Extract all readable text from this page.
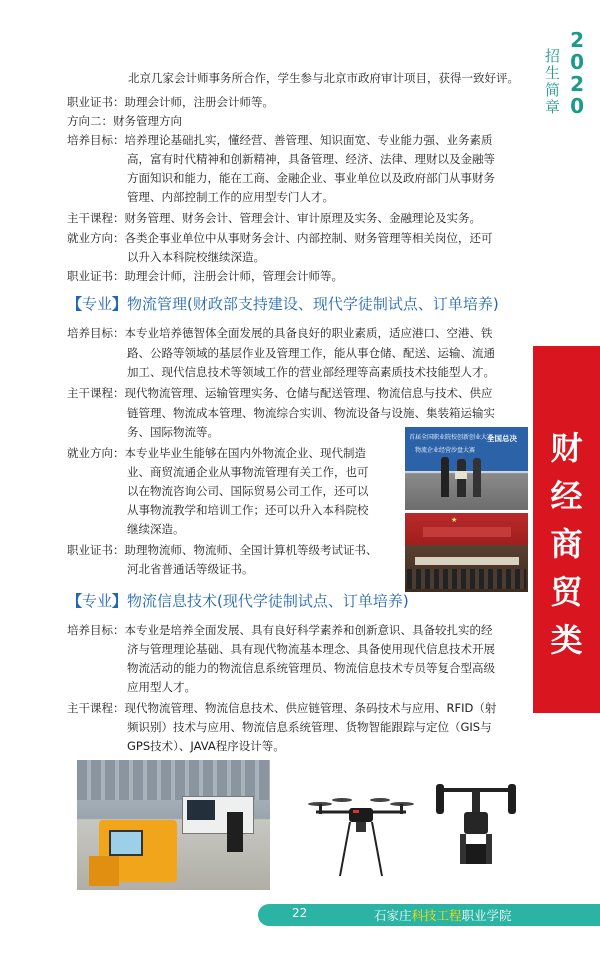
2
0
2
0
招
生
简
章
北京几家会计师事务所合作，学生参与北京市政府审计项目，获得一致好评。
职业证书：助理会计师，注册会计师等。
方向二：财务管理方向
培养目标：培养理论基础扎实，懂经营、善管理、知识面宽、专业能力强、业务素质
高，富有时代精神和创新精神，具备管理、经济、法律、理财以及金融等
方面知识和能力，能在工商、金融企业、事业单位以及政府部门从事财务
管理、内部控制工作的应用型专门人才。
主干课程：财务管理、财务会计、管理会计、审计原理及实务、金融理论及实务。
就业方向：各类企事业单位中从事财务会计、内部控制、财务管理等相关岗位，还可
以升入本科院校继续深造。
职业证书：助理会计师，注册会计师，管理会计师等。
【专业】物流管理(财政部支持建设、现代学徒制试点、订单培养)
培养目标：本专业培养德智体全面发展的具备良好的职业素质，适应港口、空港、铁
路、公路等领域的基层作业及管理工作，能从事仓储、配送、运输、流通
加工、现代信息技术等领域工作的营业部经理等高素质技术技能型人才。
主干课程：现代物流管理、运输管理实务、仓储与配送管理、物流信息与技术、供应
链管理、物流成本管理、物流综合实训、物流设备与设施、集装箱运输实
务、国际物流等。
就业方向：本专业毕业生能够在国内外物流企业、现代制造
业、商贸流通企业从事物流管理有关工作，也可
以在物流咨询公司、国际贸易公司工作，还可以
从事物流教学和培训工作；还可以升入本科院校
继续深造。
职业证书：助理物流师、物流师、全国计算机等级考试证书、
河北省普通话等级证书。
首届全国职业院校创新创业大赛
物流企业经营沙盘大赛
全国总决
★
【专业】物流信息技术(现代学徒制试点、订单培养)
培养目标：本专业是培养全面发展、具有良好科学素养和创新意识、具备较扎实的经
济与管理理论基础、具有现代物流基本理念、具备使用现代信息技术开展
物流活动的能力的物流信息系统管理员、物流信息技术专员等复合型高级
应用型人才。
主干课程：现代物流管理、物流信息技术、供应链管理、条码技术与应用、RFID（射
频识别）技术与应用、物流信息系统管理、货物智能跟踪与定位（GIS与
GPS技术）、JAVA程序设计等。
财
经
商
贸
类
22	石家庄科技工程职业学院
